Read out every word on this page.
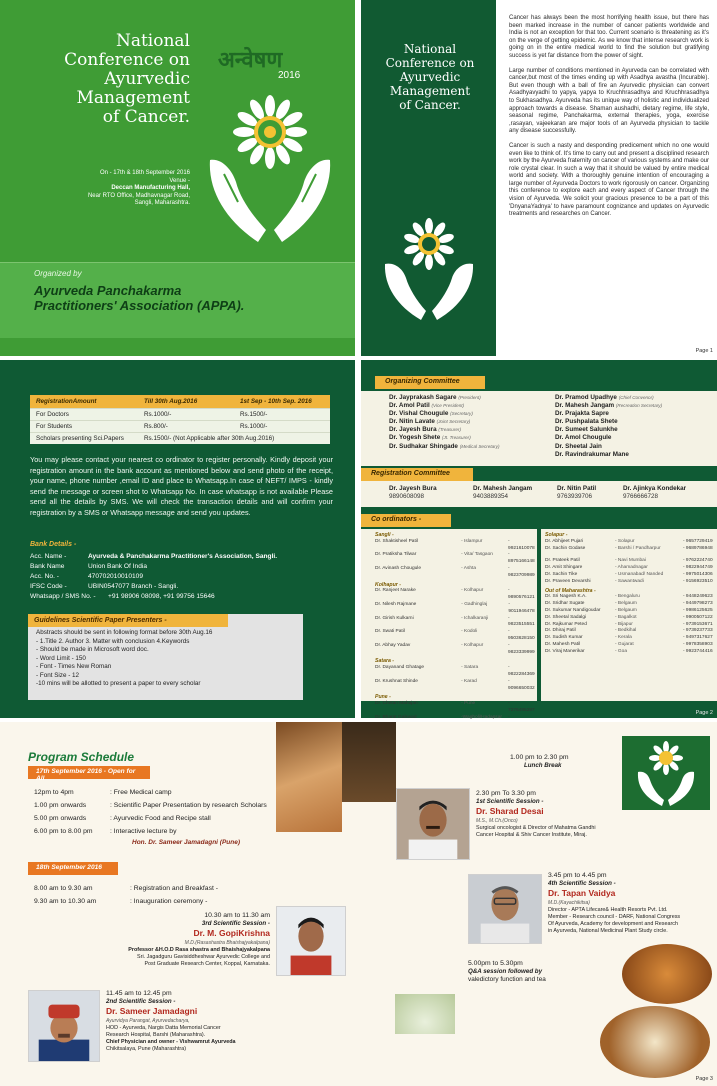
National
Conference on
Ayurvedic
Management
of Cancer.
On - 17th & 18th September 2016
Venue -
Deccan Manufacturing Hall,
Near RTO Office, Madhavnagar Road,
Sangli, Maharashtra.
अन्वेषण
2016
Organized by
Ayurveda Panchakarma
Practitioners' Association (APPA).
National
Conference on
Ayurvedic
Management
of Cancer.

Cancer has always been the most horrifying health issue, but there has been marked increase in the number of cancer patients worldwide and India is not an exception for that too. Current scenario is threatening as it's on the verge of getting epidemic. As we know that intense research work is going on in the entire medical world to find the solution but gratifying success is yet far distance from the power of sight.

Large number of conditions mentioned in Ayurveda can be correlated with cancer,but most of the times ending up with Asadhya avastha (Incurable). But even though with a ball of fire an Ayurvedic physician can convert Asadhyavyadhi to yapya, yapya to Kruchhrasadhya and Kruchhrasadhya to Sukhasadhya. Ayurveda has its unique way of holistic and individualized approach towards a disease. Shaman aushadhi, dietary regime, life style, seasonal regime, Panchakarma, external therapies, yoga, exercise ,rasayan, vajeekaran are major tools of an Ayurveda physician to tackle any disease successfully.

Cancer is such a nasty and desponding predicement which no one would even like to think of. It's time to carry out and present a disciplined research work by the Ayurveda fraternity on cancer of various systems and make our role crystal clear. In such a way that it should be valued by entire medical world and society. With a thoroughly genuine intention of encouraging a large number of Ayurveda Doctors to work rigorously on cancer. Organizing this conference to explore each and every aspect of Cancer through the vision of Ayurveda. We solicit your gracious presence to be a part of this 'DnyanaYadnya' to have paramount cognizance and updates on Ayurvedic treatments and researches on Cancer.

Page 1
RegistrationAmount	Till 30th Aug.2016	1st Sep - 10th Sep. 2016
For Doctors	Rs.1000/-	Rs.1500/-
For Students	Rs.800/-	Rs.1000/-
Scholars presenting Sci.Papers	Rs.1500/- (Not Applicable after 30th Aug.2016)	
You may please contact your nearest co ordinator to register personally. Kindly deposit your registration amount in the bank account as mentioned below and send photo of the receipt, your name, phone number ,email ID and place to Whatsapp.In case of NEFT/ IMPS - kindly send the message or screen shot to Whatsapp No. In case whatsapp is not available Please send all the details by SMS. We will check the transaction details and will confirm your registration by a SMS or Whatsapp message and send you updates.
Bank Details -
Acc. Name -	Ayurveda & Panchakarma Practitioner's Association, Sangli.
Bank Name	Union Bank Of India
Acc. No. -	470702010010109
IFSC Code -	UBIN0547077 Branch - Sangli.
Whatsapp / SMS No. -	+91 98906 08098, +91 99756 15646
Guidelines Scientific Paper Presenters -
Abstracts should be sent in following format before 30th Aug.16
- 1.Title 2. Author 3. Matter with conclusion 4.Keywords
- Should be made in Microsoft word doc.
- Word Limit - 150
- Font - Times New Roman
- Font Size - 12
-10 mins will be allotted to present a paper to every scholar
Organizing Committee
Dr. Jayprakash Sagare (President)
Dr. Amol Patil (Vice President)
Dr. Vishal Chougule (Secretary)
Dr. Nitin Lavate (Joint Secretary)
Dr. Jayesh Bura (Treasurer)
Dr. Yogesh Shete (Jt. Treasurer)
Dr. Sudhakar Shingade (Medical Secretary)
Dr. Pramod Upadhye (Chief Convenor)
Dr. Mahesh Jangam (Recreation Secretary)
Dr. Prajakta Sapre
Dr. Pushpalata Shete
Dr. Sumeet Salunkhe
Dr. Amol Chougule
Dr. Sheetal Jain
Dr. Ravindrakumar Mane
Registration Committee
Dr. Jayesh Bura
9890608098
Dr. Mahesh Jangam
9403889354
Dr. Nitin Patil
9763939706
Dr. Ajinkya Kondekar
9766666728
Co ordinators -
Sangli -
Dr. Shaktisheel Patil	- Islampur	- 9921610078
Dr. Pratiksha Tilwar	- Vita/ Tasgaon	- 8975166148
Dr. Avinash Chougule	- Ashta	- 9823709989
Kolhapur -
Dr. Ranjeet Narake	- Kolhapur	- 9890576121
Dr. Nilesh Rajmane	- Gadhinglaj	- 9011946478
Dr. Girish Kulkarni	- Ichalkaranji	- 9823515551
Dr. Swati Patil	- Kodoli	- 9503628150
Dr. Abhay Yadav	- Kolhapur	- 9823339999
Satara -
Dr. Dayanand Ghatage	- Satara	- 9822284369
Dr. Krushnat Shinde	- Karad	- 9096650032
Pune -
Dr. Chetan Mahajan	- Pune	- 7276495287
Dr. Bharat Gaikwad	-Wagholi/Hadapsar	-
Solapur -
Dr. Abhijeet Pujari	- Solapur	- 9657729419
Dr. Sachin Godase	- Barshi / Pandharpur	- 9689786948
Dr. Prateek Patil	- Navi Mumbai	- 9762224740
Dr. Amit Shingare	- Ahamadnagar	- 9822944749
Dr. Sachin Tike	- Usmanabad/ Nanded	- 9975014306
Dr. Praveen Devarshi	- Sawantwadi	- 9156923510
Out of Maharashtra -
Dr. Sri Nagesh K.A.	- Bengaluru	- 9448249623
Dr. Sridhar Sugate	- Belgaum	- 9449798273
Dr. Sukumar Nandigoudar	- Belgaum	- 9986125625
Dr. Sheetal Sadalgi	- Bagalkot	- 9900507122
Dr. Rajkumar Peted	- Bijapur	- 9739153671
Dr. Dhiraj Patil	- Bedkihal	- 9739237733
Dr. Sudish Kumar	- Kerala	- 9497317627
Dr. Mahesh Patil	- Gujarat	- 9978358903
Dr. Viraj Manerikar	- Goa	- 9923744416
Page 2
Program Schedule
17th September 2016 - Open for All
12pm to 4pm	: Free Medical camp
1.00 pm onwards	: Scientific Paper Presentation by research Scholars
5.00 pm onwards	: Ayurvedic Food and Recipe stall
6.00 pm to 8.00 pm	: Interactive lecture by
Hon. Dr. Sameer Jamadagni (Pune)
18th September 2016
8.00 am to 9.30 am	: Registration and Breakfast -
9.30 am to 10.30 am	: Inauguration ceremony -
10.30 am to 11.30 am
3rd Scientific Session -
Dr. M. GopiKrishna
M.D.(Rasashastra Bhaishajyakalpana)
Professor &H.O.D Rasa shastra and Bhaishajyakalpana
Sri. Jagadguru Gavisiddheshwar Ayurvedic College and
Post Graduate Research Center, Koppal, Karnataka.
11.45 am to 12.45 pm
2nd Scientific Session -
Dr. Sameer Jamadagni
Ayurvidya Parangat, Ayurvedacharya,
HOD - Ayurveda, Nargis Datta Memorial Cancer
Research Hospital, Barshi (Maharashtra).
Chief Physician and owner - Vishwamrut Ayurveda
Chikitsalaya, Pune (Maharashtra)
1.00 pm to 2.30 pm
Lunch Break
2.30 pm To 3.30 pm
1st Scientific Session -
Dr. Sharad Desai
M.S., M.Ch.(Onco)
Surgical oncologist & Director of Mahatma Gandhi
Cancer Hospital & Shiv Cancer Institute, Miraj.
3.45 pm to 4.45 pm
4th Scientific Session -
Dr. Tapan Vaidya
M.D.(Kayachikitsa)
Director - APTA Lifecare& Health Resorts Pvt. Ltd.
Member - Research council - DARF, National Congress
Of Ayurveda, Academy for development and Research
in Ayurveda, National Medicinal Plant Study circle.
5.00pm to 5.30pm
Q&A session followed by
valedictory function and tea
Page 3
